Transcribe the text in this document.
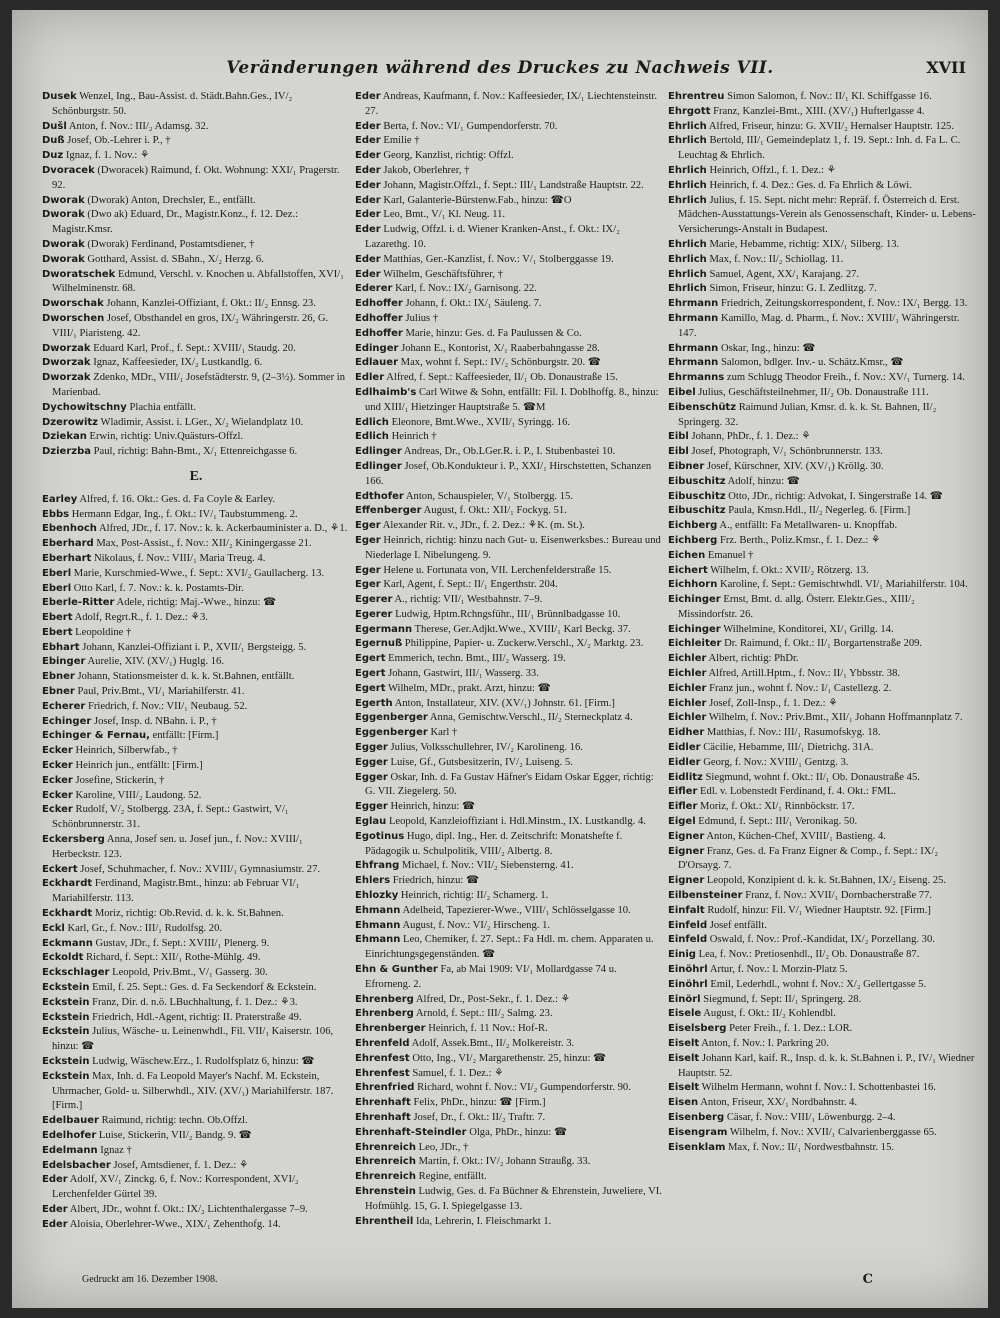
Veränderungen während des Druckes zu Nachweis VII.	XVII

Dusek Wenzel, Ing., Bau-Assist. d. Städt.Bahn.Ges., IV/₂ Schönburgstr. 50.

Dušl Anton, f. Nov.: III/₂ Adamsg. 32.

Duß Josef, Ob.-Lehrer i. P., †

Duz Ignaz, f. 1. Nov.: ⚘

Dvoracek (Dworacek) Raimund, f. Okt. Wohnung: XXI/₁ Pragerstr. 92.

Dworak (Dworak) Anton, Drechsler, E., entfällt.

Dworak (Dwo ak) Eduard, Dr., Magistr.Konz., f. 12. Dez.: Magistr.Kmsr.

Dworak (Dworak) Ferdinand, Postamtsdiener, †

Dworak Gotthard, Assist. d. SBahn., X/₂ Herzg. 6.

Dworatschek Edmund, Verschl. v. Knochen u. Abfallstoffen, XVI/₁ Wilhelminenstr. 68.

Dworschak Johann, Kanzlei-Offiziant, f. Okt.: II/₂ Ennsg. 23.

Dworschen Josef, Obsthandel en gros, IX/₂ Währingerstr. 26, G. VIII/₁ Piaristeng. 42.

Dworzak Eduard Karl, Prof., f. Sept.: XVIII/₁ Staudg. 20.

Dworzak Ignaz, Kaffeesieder, IX/₂ Lustkandlg. 6.

Dworzak Zdenko, MDr., VIII/₁ Josefstädterstr. 9, (2–3½). Sommer in Marienbad.

Dychowitschny Plachia entfällt.

Dzerowitz Wladimir, Assist. i. LGer., X/₂ Wielandplatz 10.

Dziekan Erwin, richtig: Univ.Quästurs-Offzl.

Dzierzba Paul, richtig: Bahn-Bmt., X/₁ Ettenreichgasse 6.

E.

Earley Alfred, f. 16. Okt.: Ges. d. Fa Coyle & Earley.

Ebbs Hermann Edgar, Ing., f. Okt.: IV/₁ Taubstummeng. 2.

Ebenhoch Alfred, JDr., f. 17. Nov.: k. k. Ackerbauminister a. D., ⚘1.

Eberhard Max, Post-Assist., f. Nov.: XII/₂ Kiningergasse 21.

Eberhart Nikolaus, f. Nov.: VIII/₁ Maria Treug. 4.

Eberl Marie, Kurschmied-Wwe., f. Sept.: XVI/₂ Gaullacherg. 13.

Eberl Otto Karl, f. 7. Nov.: k. k. Postamts-Dir.

Eberle-Ritter Adele, richtig: Maj.-Wwe., hinzu: ☎

Ebert Adolf, Regrt.R., f. 1. Dez.: ⚘3.

Ebert Leopoldine †

Ebhart Johann, Kanzlei-Offiziant i. P., XVII/₁ Bergsteigg. 5.

Ebinger Aurelie, XIV. (XV/₁) Huglg. 16.

Ebner Johann, Stationsmeister d. k. k. St.Bahnen, entfällt.

Ebner Paul, Priv.Bmt., VI/₁ Mariahilferstr. 41.

Echerer Friedrich, f. Nov.: VII/₁ Neubaug. 52.

Echinger Josef, Insp. d. NBahn. i. P., †

Echinger & Fernau, entfällt: [Firm.]

Ecker Heinrich, Silberwfab., †

Ecker Heinrich jun., entfällt: [Firm.]

Ecker Josefine, Stickerin, †

Ecker Karoline, VIII/₂ Laudong. 52.

Ecker Rudolf, V/₂ Stolbergg. 23A, f. Sept.: Gastwirt, V/₁ Schönbrunnerstr. 31.

Eckersberg Anna, Josef sen. u. Josef jun., f. Nov.: XVIII/₁ Herbeckstr. 123.

Eckert Josef, Schuhmacher, f. Nov.: XVIII/₁ Gymnasiumstr. 27.

Eckhardt Ferdinand, Magistr.Bmt., hinzu: ab Februar VI/₁ Mariahilferstr. 113.

Eckhardt Moriz, richtig: Ob.Revid. d. k. k. St.Bahnen.

Eckl Karl, Gr., f. Nov.: III/₁ Rudolfsg. 20.

Eckmann Gustav, JDr., f. Sept.: XVIII/₁ Plenerg. 9.

Eckoldt Richard, f. Sept.: XII/₁ Rothe-Mühlg. 49.

Eckschlager Leopold, Priv.Bmt., V/₁ Gasserg. 30.

Eckstein Emil, f. 25. Sept.: Ges. d. Fa Seckendorf & Eckstein.

Eckstein Franz, Dir. d. n.ö. LBuchhaltung, f. 1. Dez.: ⚘3.

Eckstein Friedrich, Hdl.-Agent, richtig: II. Praterstraße 49.

Eckstein Julius, Wäsche- u. Leinenwhdl., Fil. VII/₁ Kaiserstr. 106, hinzu: ☎

Eckstein Ludwig, Wäschew.Erz., I. Rudolfsplatz 6, hinzu: ☎

Eckstein Max, Inh. d. Fa Leopold Mayer's Nachf. M. Eckstein, Uhrmacher, Gold- u. Silberwhdl., XIV. (XV/₁) Mariahilferstr. 187. [Firm.]

Edelbauer Raimund, richtig: techn. Ob.Offzl.

Edelhofer Luise, Stickerin, VII/₂ Bandg. 9. ☎

Edelmann Ignaz †

Edelsbacher Josef, Amtsdiener, f. 1. Dez.: ⚘

Eder Adolf, XV/₁ Zinckg. 6, f. Nov.: Korrespondent, XVI/₂ Lerchenfelder Gürtel 39.

Eder Albert, JDr., wohnt f. Okt.: IX/₂ Lichtenthalergasse 7–9.

Eder Aloisia, Oberlehrer-Wwe., XIX/₁ Zehenthofg. 14.

Eder Andreas, Kaufmann, f. Nov.: Kaffeesieder, IX/₁ Liechtensteinstr. 27.

Eder Berta, f. Nov.: VI/₁ Gumpendorferstr. 70.

Eder Emilie †

Eder Georg, Kanzlist, richtig: Offzl.

Eder Jakob, Oberlehrer, †

Eder Johann, Magistr.Offzl., f. Sept.: III/₁ Landstraße Hauptstr. 22.

Eder Karl, Galanterie-Bürstenw.Fab., hinzu: ☎O

Eder Leo, Bmt., V/₁ Kl. Neug. 11.

Eder Ludwig, Offzl. i. d. Wiener Kranken-Anst., f. Okt.: IX/₂ Lazarethg. 10.

Eder Matthias, Ger.-Kanzlist, f. Nov.: V/₁ Stolberggasse 19.

Eder Wilhelm, Geschäftsführer, †

Ederer Karl, f. Nov.: IX/₂ Garnisong. 22.

Edhoffer Johann, f. Okt.: IX/₁ Säuleng. 7.

Edhoffer Julius †

Edhoffer Marie, hinzu: Ges. d. Fa Paulussen & Co.

Edinger Johann E., Kontorist, X/₁ Raaberbahngasse 28.

Edlauer Max, wohnt f. Sept.: IV/₂ Schönburgstr. 20. ☎

Edler Alfred, f. Sept.: Kaffeesieder, II/₁ Ob. Donaustraße 15.

Edlhaimb's Carl Witwe & Sohn, entfällt: Fil. I. Doblhoffg. 8., hinzu: und XIII/₁ Hietzinger Hauptstraße 5. ☎M

Edlich Eleonore, Bmt.Wwe., XVII/₁ Syringg. 16.

Edlich Heinrich †

Edlinger Andreas, Dr., Ob.LGer.R. i. P., I. Stubenbastei 10.

Edlinger Josef, Ob.Kondukteur i. P., XXI/₁ Hirschstetten, Schanzen 166.

Edthofer Anton, Schauspieler, V/₁ Stolbergg. 15.

Effenberger August, f. Okt.: XII/₁ Fockyg. 51.

Eger Alexander Rit. v., JDr., f. 2. Dez.: ⚘K. (m. St.).

Eger Heinrich, richtig: hinzu nach Gut- u. Eisenwerksbes.: Bureau und Niederlage I. Nibelungeng. 9.

Eger Helene u. Fortunata von, VII. Lerchenfelderstraße 15.

Eger Karl, Agent, f. Sept.: II/₁ Engerthstr. 204.

Egerer A., richtig: VII/₁ Westbahnstr. 7–9.

Egerer Ludwig, Hptm.Rchngsführ., III/₁ Brünnlbadgasse 10.

Egermann Therese, Ger.Adjkt.Wwe., XVIII/₁ Karl Beckg. 37.

Egernuß Philippine, Papier- u. Zuckerw.Verschl., X/₂ Marktg. 23.

Egert Emmerich, techn. Bmt., III/₂ Wasserg. 19.

Egert Johann, Gastwirt, III/₁ Wasserg. 33.

Egert Wilhelm, MDr., prakt. Arzt, hinzu: ☎

Egerth Anton, Installateur, XIV. (XV/₁) Johnstr. 61. [Firm.]

Eggenberger Anna, Gemischtw.Verschl., II/₂ Sterneckplatz 4.

Eggenberger Karl †

Egger Julius, Volksschullehrer, IV/₂ Karolineng. 16.

Egger Luise, Gf., Gutsbesitzerin, IV/₂ Luiseng. 5.

Egger Oskar, Inh. d. Fa Gustav Häfner's Eidam Oskar Egger, richtig: G. VII. Ziegelerg. 50.

Egger Heinrich, hinzu: ☎

Eglau Leopold, Kanzleioffiziant i. Hdl.Minstm., IX. Lustkandlg. 4.

Egotinus Hugo, dipl. Ing., Her. d. Zeitschrift: Monatshefte f. Pädagogik u. Schulpolitik, VIII/₂ Albertg. 8.

Ehfrang Michael, f. Nov.: VII/₂ Siebensterng. 41.

Ehlers Friedrich, hinzu: ☎

Ehlozky Heinrich, richtig: II/₂ Schamerg. 1.

Ehmann Adelheid, Tapezierer-Wwe., VIII/₁ Schlösselgasse 10.

Ehmann August, f. Nov.: VI/₂ Hirscheng. 1.

Ehmann Leo, Chemiker, f. 27. Sept.: Fa Hdl. m. chem. Apparaten u. Einrichtungsgegenständen. ☎

Ehn & Gunther Fa, ab Mai 1909: VI/₁ Mollardgasse 74 u. Efrorneng. 2.

Ehrenberg Alfred, Dr., Post-Sekr., f. 1. Dez.: ⚘

Ehrenberg Arnold, f. Sept.: III/₂ Salmg. 23.

Ehrenberger Heinrich, f. 11 Nov.: Hof-R.

Ehrenfeld Adolf, Assek.Bmt., II/₂ Molkereistr. 3.

Ehrenfest Otto, Ing., VI/₂ Margarethenstr. 25, hinzu: ☎

Ehrenfest Samuel, f. 1. Dez.: ⚘

Ehrenfried Richard, wohnt f. Nov.: VI/₂ Gumpendorferstr. 90.

Ehrenhaft Felix, PhDr., hinzu: ☎ [Firm.]

Ehrenhaft Josef, Dr., f. Okt.: II/₂ Traftr. 7.

Ehrenhaft-Steindler Olga, PhDr., hinzu: ☎

Ehrenreich Leo, JDr., †

Ehrenreich Martin, f. Okt.: IV/₂ Johann Straußg. 33.

Ehrenreich Regine, entfällt.

Ehrenstein Ludwig, Ges. d. Fa Büchner & Ehrenstein, Juweliere, VI. Hofmühlg. 15, G. I. Spiegelgasse 13.

Ehrentheil Ida, Lehrerin, I. Fleischmarkt 1.

Ehrentreu Simon Salomon, f. Nov.: II/₁ Kl. Schiffgasse 16.

Ehrgott Franz, Kanzlei-Bmt., XIII. (XV/₁) Hufterlgasse 4.

Ehrlich Alfred, Friseur, hinzu: G. XVII/₂ Hernalser Hauptstr. 125.

Ehrlich Bertold, III/₁ Gemeindeplatz 1, f. 19. Sept.: Inh. d. Fa L. C. Leuchtag & Ehrlich.

Ehrlich Heinrich, Offzl., f. 1. Dez.: ⚘

Ehrlich Heinrich, f. 4. Dez.: Ges. d. Fa Ehrlich & Löwi.

Ehrlich Julius, f. 15. Sept. nicht mehr: Repräf. f. Österreich d. Erst. Mädchen-Ausstattungs-Verein als Genossenschaft, Kinder- u. Lebens-Versicherungs-Anstalt in Budapest.

Ehrlich Marie, Hebamme, richtig: XIX/₁ Silberg. 13.

Ehrlich Max, f. Nov.: II/₂ Schiollag. 11.

Ehrlich Samuel, Agent, XX/₁ Karajang. 27.

Ehrlich Simon, Friseur, hinzu: G. I. Zedlitzg. 7.

Ehrmann Friedrich, Zeitungskorrespondent, f. Nov.: IX/₁ Bergg. 13.

Ehrmann Kamillo, Mag. d. Pharm., f. Nov.: XVIII/₁ Währingerstr. 147.

Ehrmann Oskar, Ing., hinzu: ☎

Ehrmann Salomon, bdlger. Inv.- u. Schätz.Kmsr., ☎

Ehrmanns zum Schlugg Theodor Freih., f. Nov.: XV/₁ Turnerg. 14.

Eibel Julius, Geschäftsteilnehmer, II/₂ Ob. Donaustraße 111.

Eibenschütz Raimund Julian, Kmsr. d. k. k. St. Bahnen, II/₂ Springerg. 32.

Eibl Johann, PhDr., f. 1. Dez.: ⚘

Eibl Josef, Photograph, V/₁ Schönbrunnerstr. 133.

Eibner Josef, Kürschner, XIV. (XV/₁) Kröllg. 30.

Eibuschitz Adolf, hinzu: ☎

Eibuschitz Otto, JDr., richtig: Advokat, I. Singerstraße 14. ☎

Eibuschitz Paula, Kmsn.Hdl., II/₂ Negerleg. 6. [Firm.]

Eichberg A., entfällt: Fa Metallwaren- u. Knopffab.

Eichberg Frz. Berth., Poliz.Kmsr., f. 1. Dez.: ⚘

Eichen Emanuel †

Eichert Wilhelm, f. Okt.: XVII/₂ Rötzerg. 13.

Eichhorn Karoline, f. Sept.: Gemischtwhdl. VI/₁ Mariahilferstr. 104.

Eichinger Ernst, Bmt. d. allg. Österr. Elektr.Ges., XIII/₂ Missindorfstr. 26.

Eichinger Wilhelmine, Konditorei, XI/₁ Grillg. 14.

Eichleiter Dr. Raimund, f. Okt.: II/₁ Borgartenstraße 209.

Eichler Albert, richtig: PhDr.

Eichler Alfred, Artill.Hptm., f. Nov.: II/₁ Ybbsstr. 38.

Eichler Franz jun., wohnt f. Nov.: I/₁ Castellezg. 2.

Eichler Josef, Zoll-Insp., f. 1. Dez.: ⚘

Eichler Wilhelm, f. Nov.: Priv.Bmt., XII/₁ Johann Hoffmannplatz 7.

Eidher Matthias, f. Nov.: III/₁ Rasumofskyg. 18.

Eidler Cäcilie, Hebamme, III/₁ Dietrichg. 31A.

Eidler Georg, f. Nov.: XVIII/₁ Gentzg. 3.

Eidlitz Siegmund, wohnt f. Okt.: II/₁ Ob. Donaustraße 45.

Eifler Edl. v. Lobenstedt Ferdinand, f. 4. Okt.: FML.

Eifler Moriz, f. Okt.: XI/₁ Rinnböckstr. 17.

Eigel Edmund, f. Sept.: III/₁ Veronikag. 50.

Eigner Anton, Küchen-Chef, XVIII/₁ Bastieng. 4.

Eigner Franz, Ges. d. Fa Franz Eigner & Comp., f. Sept.: IX/₂ D'Orsayg. 7.

Eigner Leopold, Konzipient d. k. k. St.Bahnen, IX/₂ Eiseng. 25.

Eilbensteiner Franz, f. Nov.: XVII/₁ Dornbacherstraße 77.

Einfalt Rudolf, hinzu: Fil. V/₁ Wiedner Hauptstr. 92. [Firm.]

Einfeld Josef entfällt.

Einfeld Oswald, f. Nov.: Prof.-Kandidat, IX/₂ Porzellang. 30.

Einig Lea, f. Nov.: Pretiosenhdl., II/₂ Ob. Donaustraße 87.

Einöhrl Artur, f. Nov.: I. Morzin-Platz 5.

Einöhrl Emil, Lederhdl., wohnt f. Nov.: X/₂ Gellertgasse 5.

Einörl Siegmund, f. Sept: II/₁ Springerg. 28.

Eisele August, f. Okt.: II/₂ Kohlendbl.

Eiselsberg Peter Freih., f. 1. Dez.: LOR.

Eiselt Anton, f. Nov.: I. Parkring 20.

Eiselt Johann Karl, kaif. R., Insp. d. k. k. St.Bahnen i. P., IV/₁ Wiedner Hauptstr. 52.

Eiselt Wilhelm Hermann, wohnt f. Nov.: I. Schottenbastei 16.

Eisen Anton, Friseur, XX/₁ Nordbahnstr. 4.

Eisenberg Cäsar, f. Nov.: VIII/₁ Löwenburgg. 2–4.

Eisengram Wilhelm, f. Nov.: XVII/₁ Calvarienberggasse 65.

Eisenklam Max, f. Nov.: II/₁ Nordwestbahnstr. 15.

Gedruckt am 16. Dezember 1908.	C
